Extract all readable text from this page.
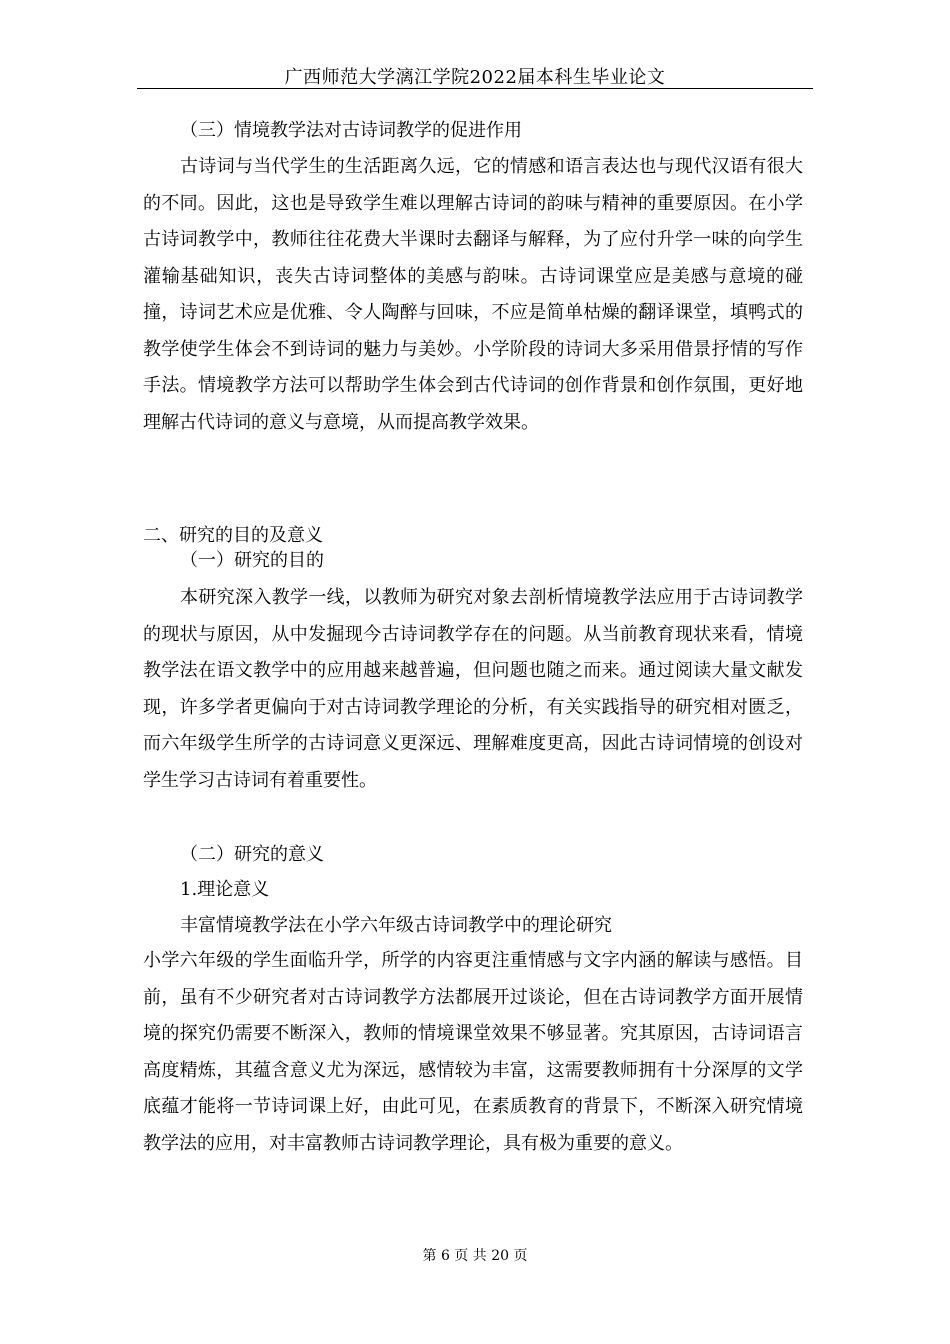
广西师范大学漓江学院2022届本科生毕业论文

（三）情境教学法对古诗词教学的促进作用

古诗词与当代学生的生活距离久远，它的情感和语言表达也与现代汉语有很大的不同。因此，这也是导致学生难以理解古诗词的韵味与精神的重要原因。在小学古诗词教学中，教师往往花费大半课时去翻译与解释，为了应付升学一味的向学生灌输基础知识，丧失古诗词整体的美感与韵味。古诗词课堂应是美感与意境的碰撞，诗词艺术应是优雅、令人陶醉与回味，不应是简单枯燥的翻译课堂，填鸭式的教学使学生体会不到诗词的魅力与美妙。小学阶段的诗词大多采用借景抒情的写作手法。情境教学方法可以帮助学生体会到古代诗词的创作背景和创作氛围，更好地理解古代诗词的意义与意境，从而提高教学效果。

二、研究的目的及意义

（一）研究的目的

本研究深入教学一线，以教师为研究对象去剖析情境教学法应用于古诗词教学的现状与原因，从中发掘现今古诗词教学存在的问题。从当前教育现状来看，情境教学法在语文教学中的应用越来越普遍，但问题也随之而来。通过阅读大量文献发现，许多学者更偏向于对古诗词教学理论的分析，有关实践指导的研究相对匮乏，而六年级学生所学的古诗词意义更深远、理解难度更高，因此古诗词情境的创设对学生学习古诗词有着重要性。

（二）研究的意义

1.理论意义

丰富情境教学法在小学六年级古诗词教学中的理论研究

小学六年级的学生面临升学，所学的内容更注重情感与文字内涵的解读与感悟。目前，虽有不少研究者对古诗词教学方法都展开过谈论，但在古诗词教学方面开展情境的探究仍需要不断深入，教师的情境课堂效果不够显著。究其原因，古诗词语言高度精炼，其蕴含意义尤为深远，感情较为丰富，这需要教师拥有十分深厚的文学底蕴才能将一节诗词课上好，由此可见，在素质教育的背景下，不断深入研究情境教学法的应用，对丰富教师古诗词教学理论，具有极为重要的意义。

第 6 页 共 20 页
